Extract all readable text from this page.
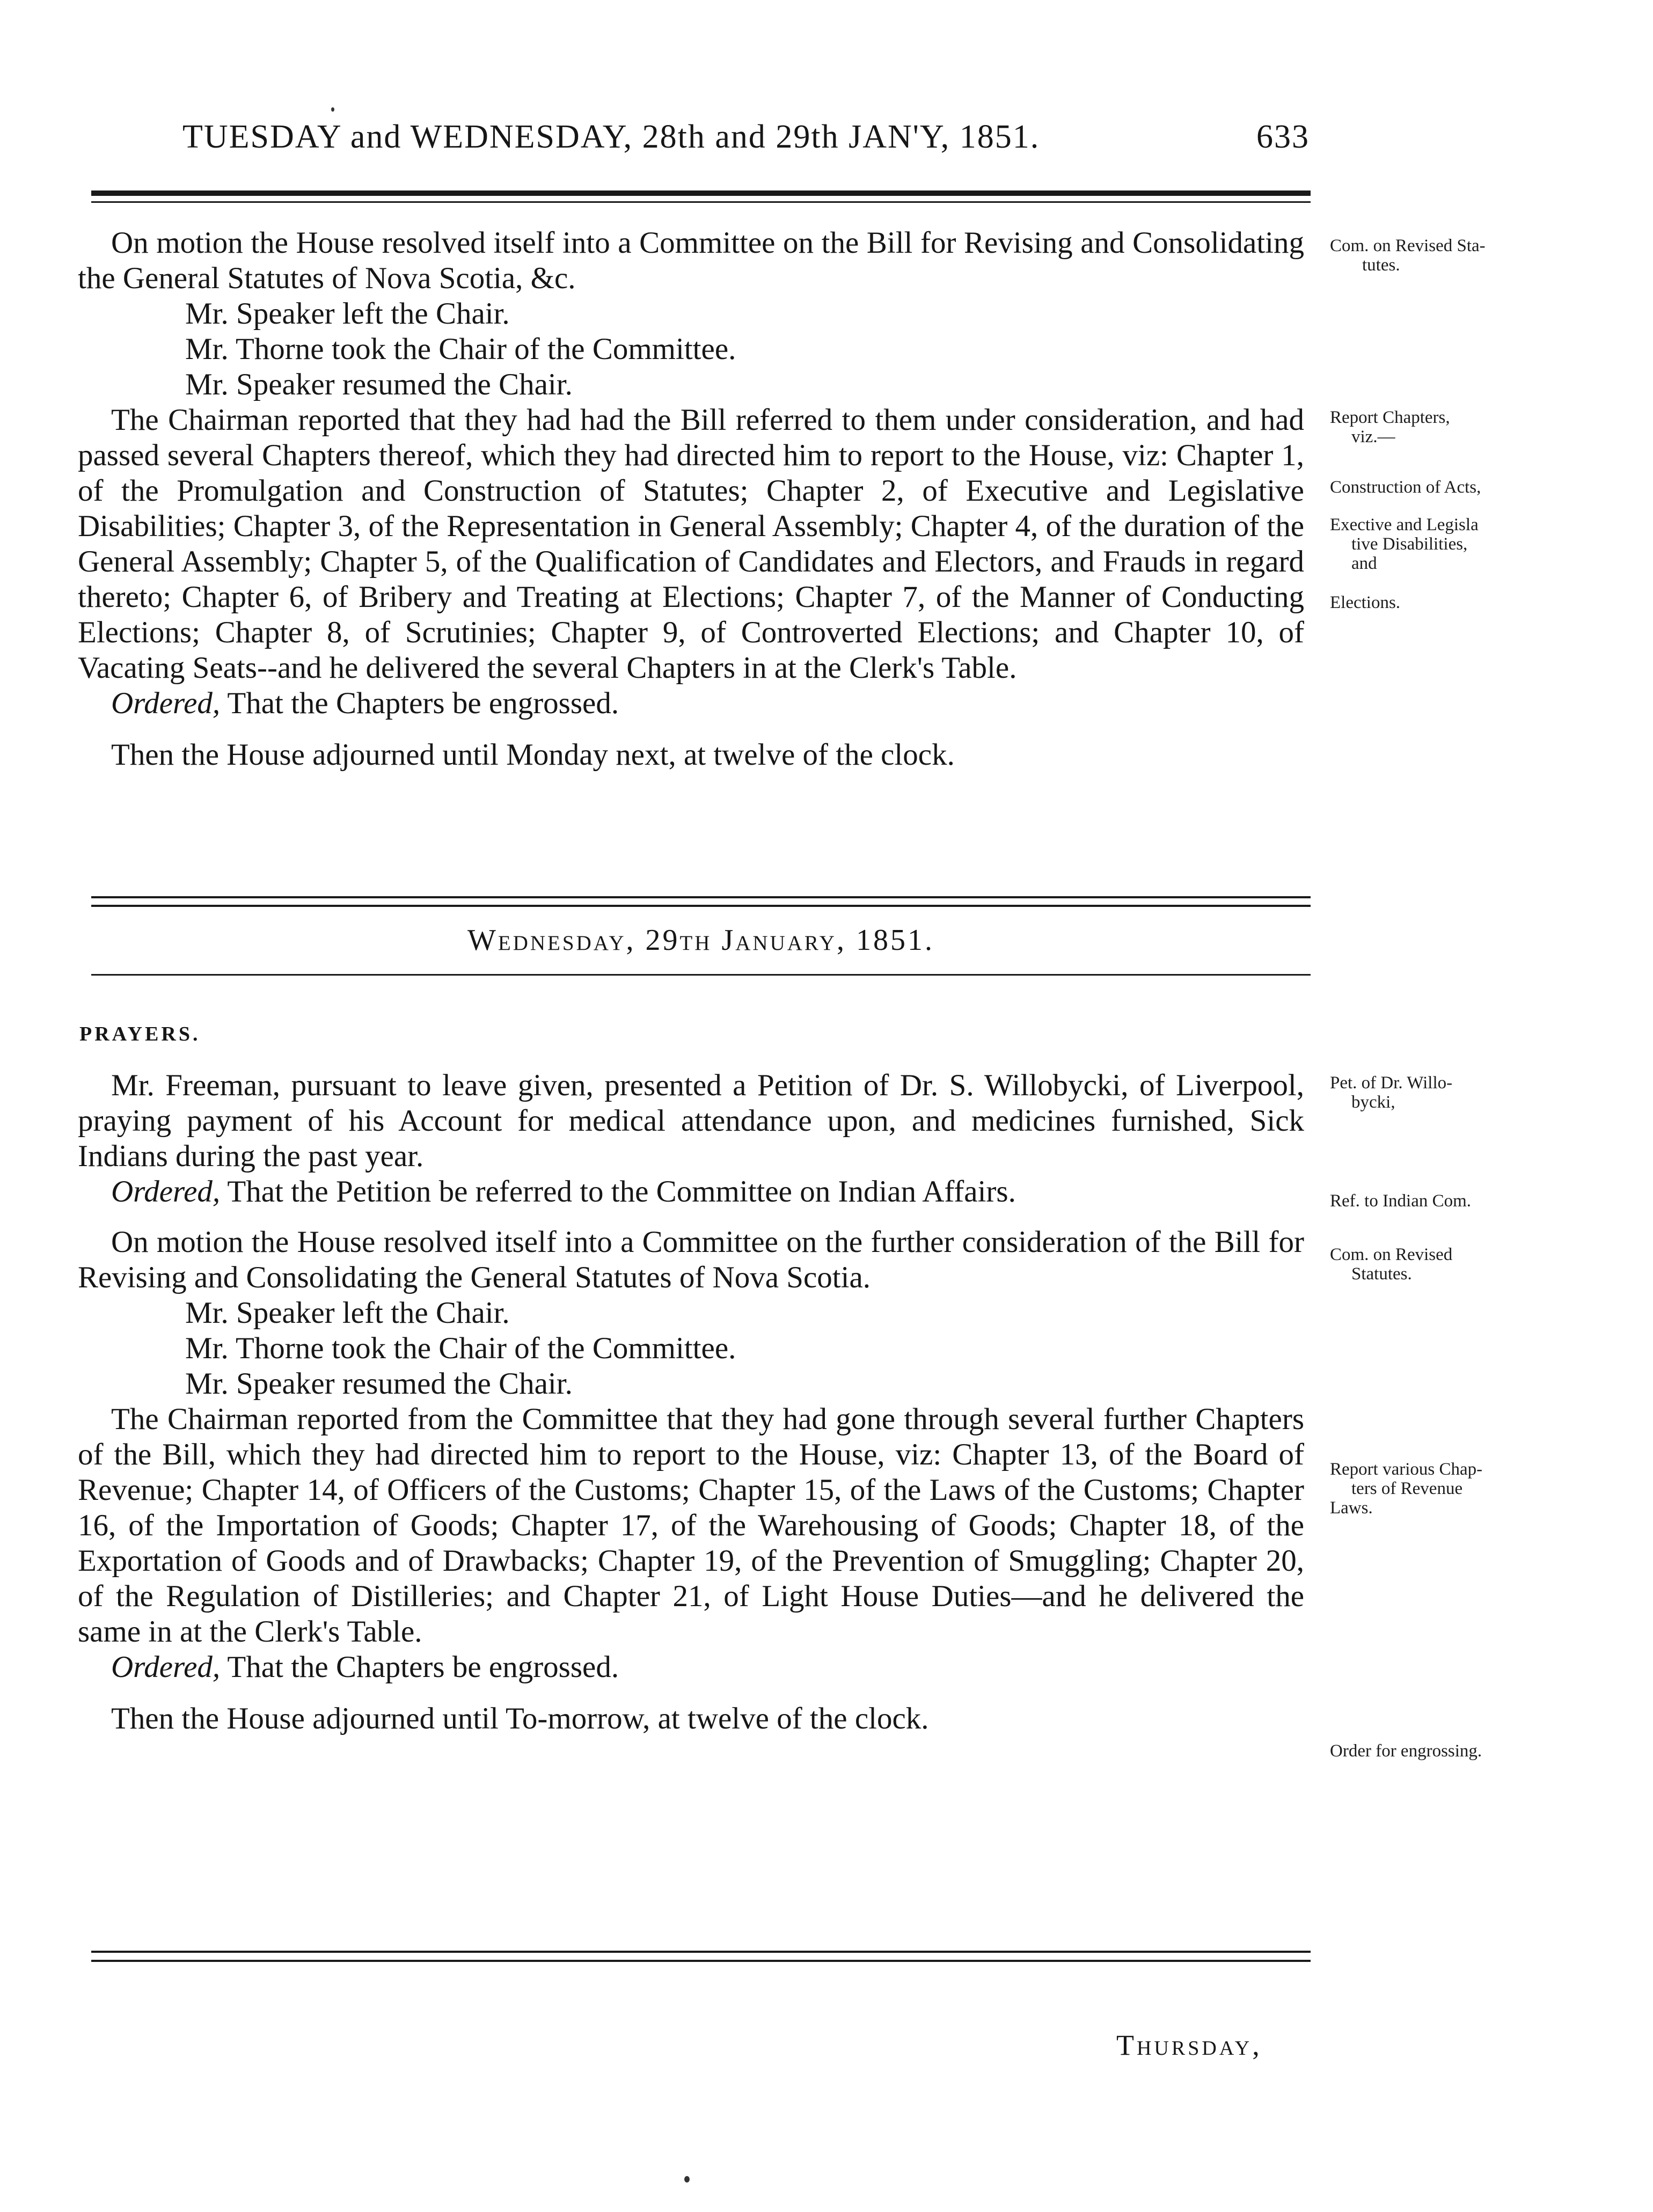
TUESDAY and WEDNESDAY, 28th and 29th JAN'Y, 1851.	633

On motion the House resolved itself into a Committee on the Bill for Revising and Consolidating the General Statutes of Nova Scotia, &c.

Mr. Speaker left the Chair.

Mr. Thorne took the Chair of the Committee.

Mr. Speaker resumed the Chair.

The Chairman reported that they had had the Bill referred to them under consideration, and had passed several Chapters thereof, which they had directed him to report to the House, viz: Chapter 1, of the Promulgation and Construction of Statutes; Chapter 2, of Executive and Legislative Disabilities; Chapter 3, of the Representation in General Assembly; Chapter 4, of the duration of the General Assembly; Chapter 5, of the Qualification of Candidates and Electors, and Frauds in regard thereto; Chapter 6, of Bribery and Treating at Elections; Chapter 7, of the Manner of Conducting Elections; Chapter 8, of Scrutinies; Chapter 9, of Controverted Elections; and Chapter 10, of Vacating Seats--and he delivered the several Chapters in at the Clerk's Table.

Ordered, That the Chapters be engrossed.

Then the House adjourned until Monday next, at twelve of the clock.

Wednesday, 29th January, 1851.
PRAYERS.

Mr. Freeman, pursuant to leave given, presented a Petition of Dr. S. Willobycki, of Liverpool, praying payment of his Account for medical attendance upon, and medicines furnished, Sick Indians during the past year.

Ordered, That the Petition be referred to the Committee on Indian Affairs.

On motion the House resolved itself into a Committee on the further consideration of the Bill for Revising and Consolidating the General Statutes of Nova Scotia.

Mr. Speaker left the Chair.

Mr. Thorne took the Chair of the Committee.

Mr. Speaker resumed the Chair.

The Chairman reported from the Committee that they had gone through several further Chapters of the Bill, which they had directed him to report to the House, viz: Chapter 13, of the Board of Revenue; Chapter 14, of Officers of the Customs; Chapter 15, of the Laws of the Customs; Chapter 16, of the Importation of Goods; Chapter 17, of the Warehousing of Goods; Chapter 18, of the Exportation of Goods and of Drawbacks; Chapter 19, of the Prevention of Smuggling; Chapter 20, of the Regulation of Distilleries; and Chapter 21, of Light House Duties—and he delivered the same in at the Clerk's Table.

Ordered, That the Chapters be engrossed.

Then the House adjourned until To-morrow, at twelve of the clock.

Com. on Revised Sta-
tutes.
Report Chapters,
viz.—
Construction of Acts,
Exective and Legisla
tive Disabilities,
and
Elections.
Pet. of Dr. Willo-
bycki,
Ref. to Indian Com.
Com. on Revised
Statutes.
Report various Chap-
ters of Revenue
Laws.
Order for engrossing.
Thursday,
